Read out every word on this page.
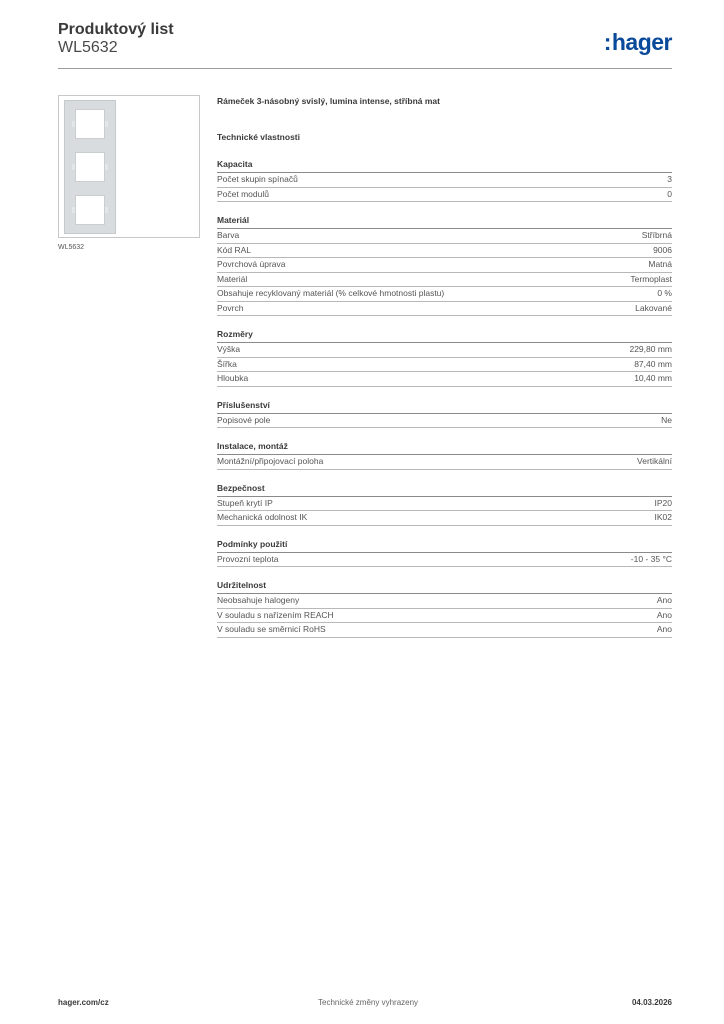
Produktový list
WL5632	:hager
WL5632

Rámeček 3-násobný svislý, lumina intense, stříbná mat

Technické vlastnosti
Kapacita
Počet skupin spínačů	3
Počet modulů	0
Materiál
Barva	Stříbrná
Kód RAL	9006
Povrchová úprava	Matná
Materiál	Termoplast
Obsahuje recyklovaný materiál (% celkové hmotnosti plastu)	0 %
Povrch	Lakované
Rozměry
Výška	229,80 mm
Šířka	87,40 mm
Hloubka	10,40 mm
Příslušenství
Popisové pole	Ne
Instalace, montáž
Montážní/připojovací poloha	Vertikální
Bezpečnost
Stupeň krytí IP	IP20
Mechanická odolnost IK	IK02
Podmínky použití
Provozní teplota	-10 - 35 °C
Udržitelnost
Neobsahuje halogeny	Ano
V souladu s nařízením REACH	Ano
V souladu se směrnicí RoHS	Ano
hager.com/cz	Technické změny vyhrazeny	04.03.2026
